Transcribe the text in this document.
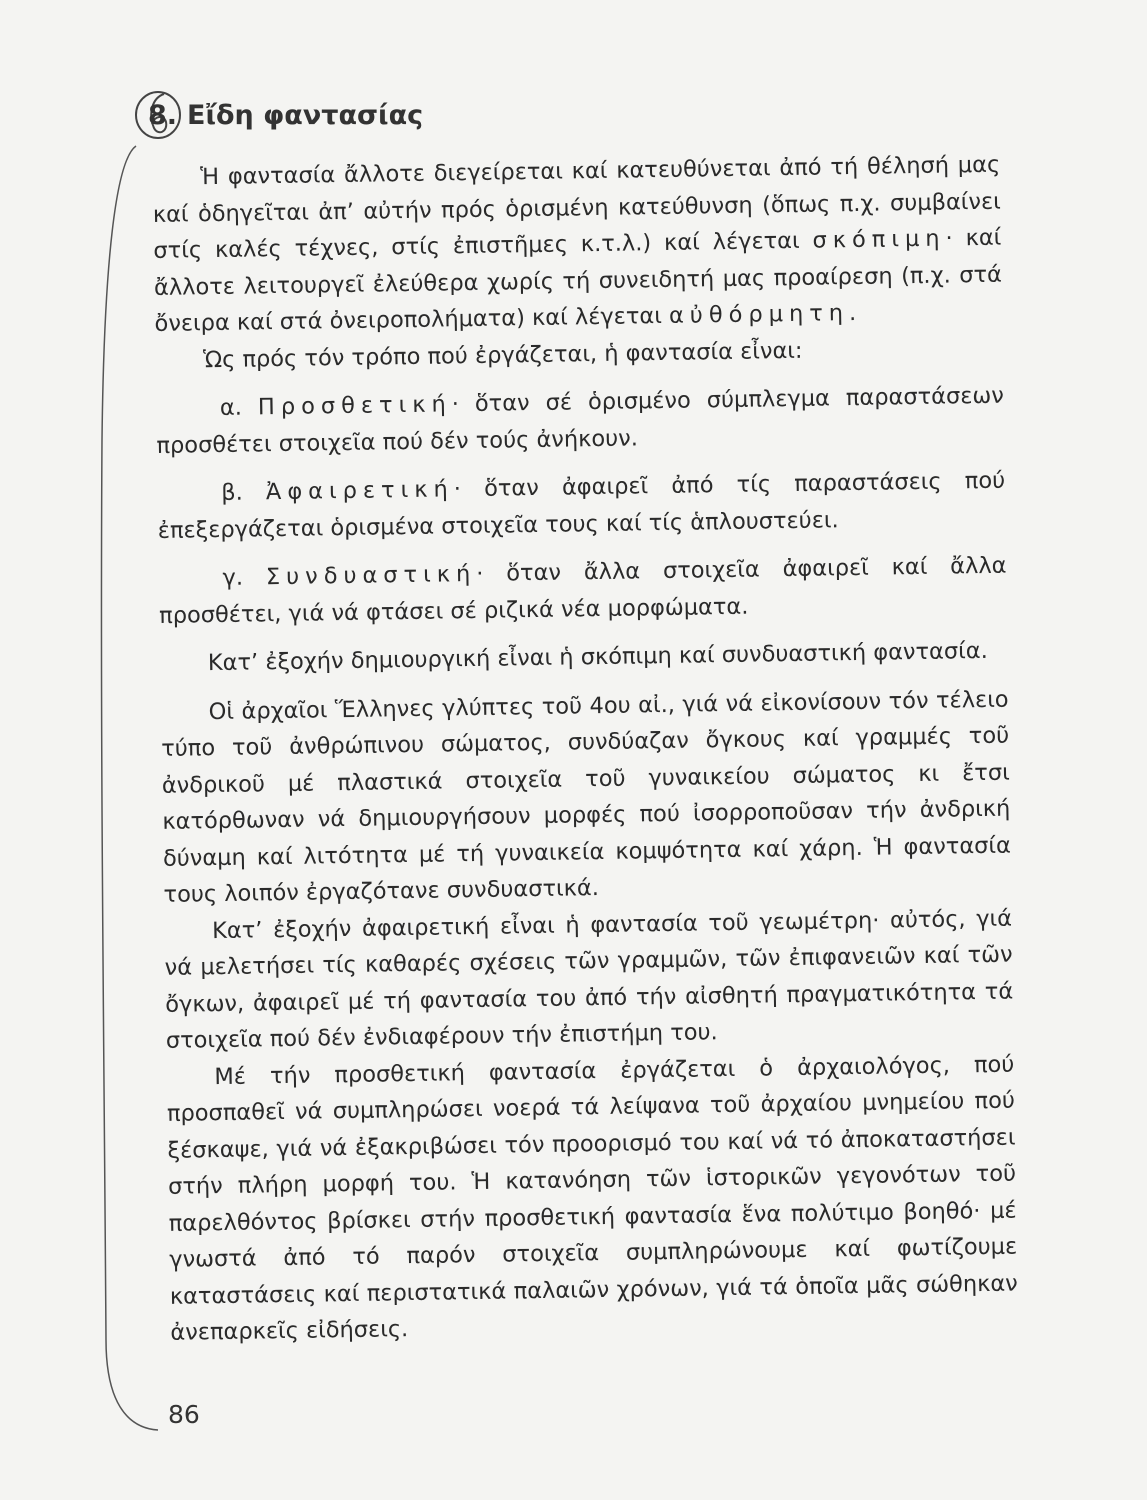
8. Εἴδη φαντασίας

Ἡ φαντασία ἄλλοτε διεγείρεται καί κατευθύνεται ἀπό τή θέλησή μας καί ὁδηγεῖται ἀπ’ αὐτήν πρός ὁρισμένη κατεύθυνση (ὅπως π.χ. συμβαίνει στίς καλές τέχνες, στίς ἐπιστῆμες κ.τ.λ.) καί λέγεται σκόπιμη· καί ἄλλοτε λειτουργεῖ ἐλεύθερα χωρίς τή συνειδητή μας προαίρεση (π.χ. στά ὄνειρα καί στά ὀνειροπολήματα) καί λέγεται αὐθόρμητη.

Ὡς πρός τόν τρόπο πού ἐργάζεται, ἡ φαντασία εἶναι:

α. Προσθετική· ὅταν σέ ὁρισμένο σύμπλεγμα παραστάσεων προσθέτει στοιχεῖα πού δέν τούς ἀνήκουν.

β. Ἀφαιρετική· ὅταν ἀφαιρεῖ ἀπό τίς παραστάσεις πού ἐπεξεργάζεται ὁρισμένα στοιχεῖα τους καί τίς ἁπλουστεύει.

γ. Συνδυαστική· ὅταν ἄλλα στοιχεῖα ἀφαιρεῖ καί ἄλλα προσθέτει, γιά νά φτάσει σέ ριζικά νέα μορφώματα.

Κατ’ ἐξοχήν δημιουργική εἶναι ἡ σκόπιμη καί συνδυαστική φαντασία.

Οἱ ἀρχαῖοι Ἕλληνες γλύπτες τοῦ 4ου αἰ., γιά νά εἰκονίσουν τόν τέλειο τύπο τοῦ ἀνθρώπινου σώματος, συνδύαζαν ὄγκους καί γραμμές τοῦ ἀνδρικοῦ μέ πλαστικά στοιχεῖα τοῦ γυναικείου σώματος κι ἔτσι κατόρθωναν νά δημιουργήσουν μορφές πού ἰσορροποῦσαν τήν ἀνδρική δύναμη καί λιτότητα μέ τή γυναικεία κομψότητα καί χάρη. Ἡ φαντασία τους λοιπόν ἐργαζότανε συνδυαστικά.

Κατ’ ἐξοχήν ἀφαιρετική εἶναι ἡ φαντασία τοῦ γεωμέτρη· αὐτός, γιά νά μελετήσει τίς καθαρές σχέσεις τῶν γραμμῶν, τῶν ἐπιφανειῶν καί τῶν ὄγκων, ἀφαιρεῖ μέ τή φαντασία του ἀπό τήν αἰσθητή πραγματικότητα τά στοιχεῖα πού δέν ἐνδιαφέρουν τήν ἐπιστήμη του.

Μέ τήν προσθετική φαντασία ἐργάζεται ὁ ἀρχαιολόγος, πού προσπαθεῖ νά συμπληρώσει νοερά τά λείψανα τοῦ ἀρχαίου μνημείου πού ξέσκαψε, γιά νά ἐξακριβώσει τόν προορισμό του καί νά τό ἀποκαταστήσει στήν πλήρη μορφή του. Ἡ κατανόηση τῶν ἱστορικῶν γεγονότων τοῦ παρελθόντος βρίσκει στήν προσθετική φαντασία ἕνα πολύτιμο βοηθό· μέ γνωστά ἀπό τό παρόν στοιχεῖα συμπληρώνουμε καί φωτίζουμε καταστάσεις καί περιστατικά παλαιῶν χρόνων, γιά τά ὁποῖα μᾶς σώθηκαν ἀνεπαρκεῖς εἰδήσεις.

86
